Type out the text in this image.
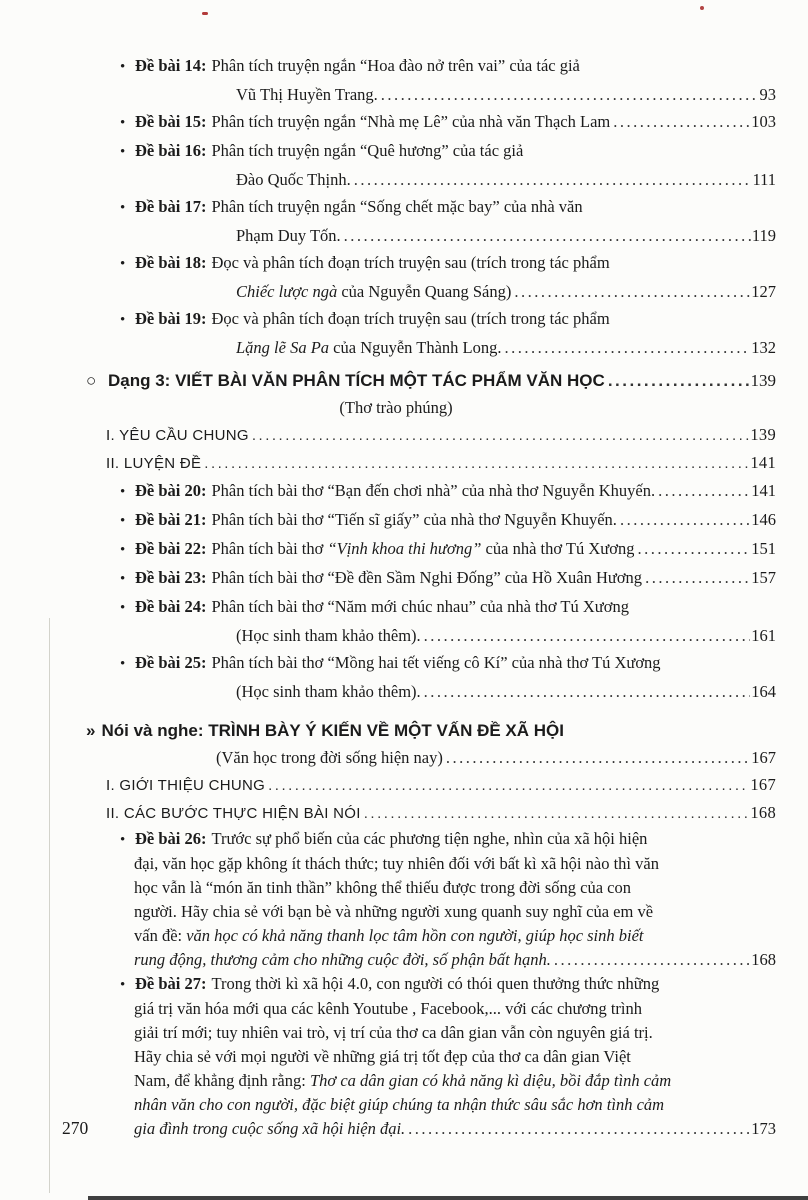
• Đề bài 14: Phân tích truyện ngắn “Hoa đào nở trên vai” của tác giả
Vũ Thị Huyền Trang. .....	93
• Đề bài 15: Phân tích truyện ngắn “Nhà mẹ Lê” của nhà văn Thạch Lam .....	103
• Đề bài 16: Phân tích truyện ngắn “Quê hương” của tác giả
Đào Quốc Thịnh. .....	111
• Đề bài 17: Phân tích truyện ngắn “Sống chết mặc bay” của nhà văn
Phạm Duy Tốn. .....	119
• Đề bài 18: Đọc và phân tích đoạn trích truyện sau (trích trong tác phẩm
Chiếc lược ngà của Nguyễn Quang Sáng) .....	127
• Đề bài 19: Đọc và phân tích đoạn trích truyện sau (trích trong tác phẩm
Lặng lẽ Sa Pa của Nguyễn Thành Long. .....	132
○ Dạng 3: VIẾT BÀI VĂN PHÂN TÍCH MỘT TÁC PHẨM VĂN HỌC .....	139
(Thơ trào phúng)
I. YÊU CẦU CHUNG .....	139
II. LUYỆN ĐỀ .....	141
• Đề bài 20: Phân tích bài thơ “Bạn đến chơi nhà” của nhà thơ Nguyễn Khuyến. .....	141
• Đề bài 21: Phân tích bài thơ “Tiến sĩ giấy” của nhà thơ Nguyễn Khuyến. .....	146
• Đề bài 22: Phân tích bài thơ “Vịnh khoa thi hương” của nhà thơ Tú Xương .....	151
• Đề bài 23: Phân tích bài thơ “Đề đền Sầm Nghi Đống” của Hồ Xuân Hương .....	157
• Đề bài 24: Phân tích bài thơ “Năm mới chúc nhau” của nhà thơ Tú Xương
(Học sinh tham khảo thêm). .....	161
• Đề bài 25: Phân tích bài thơ “Mồng hai tết viếng cô Kí” của nhà thơ Tú Xương
(Học sinh tham khảo thêm). .....	164
» Nói và nghe: TRÌNH BÀY Ý KIẾN VỀ MỘT VẤN ĐỀ XÃ HỘI
(Văn học trong đời sống hiện nay) .....	167
I. GIỚI THIỆU CHUNG .....	167
II. CÁC BƯỚC THỰC HIỆN BÀI NÓI .....	168
• Đề bài 26: Trước sự phổ biến của các phương tiện nghe, nhìn của xã hội hiện
đại, văn học gặp không ít thách thức; tuy nhiên đối với bất kì xã hội nào thì văn
học vẫn là “món ăn tinh thần” không thể thiếu được trong đời sống của con
người. Hãy chia sẻ với bạn bè và những người xung quanh suy nghĩ của em về
vấn đề: văn học có khả năng thanh lọc tâm hồn con người, giúp học sinh biết
rung động, thương cảm cho những cuộc đời, số phận bất hạnh. .....	168
• Đề bài 27: Trong thời kì xã hội 4.0, con người có thói quen thưởng thức những
giá trị văn hóa mới qua các kênh Youtube , Facebook,... với các chương trình
giải trí mới; tuy nhiên vai trò, vị trí của thơ ca dân gian vẫn còn nguyên giá trị.
Hãy chia sẻ với mọi người về những giá trị tốt đẹp của thơ ca dân gian Việt
Nam, để khẳng định rằng: Thơ ca dân gian có khả năng kì diệu, bồi đắp tình cảm
nhân văn cho con người, đặc biệt giúp chúng ta nhận thức sâu sắc hơn tình cảm
gia đình trong cuộc sống xã hội hiện đại. .....	173
270
